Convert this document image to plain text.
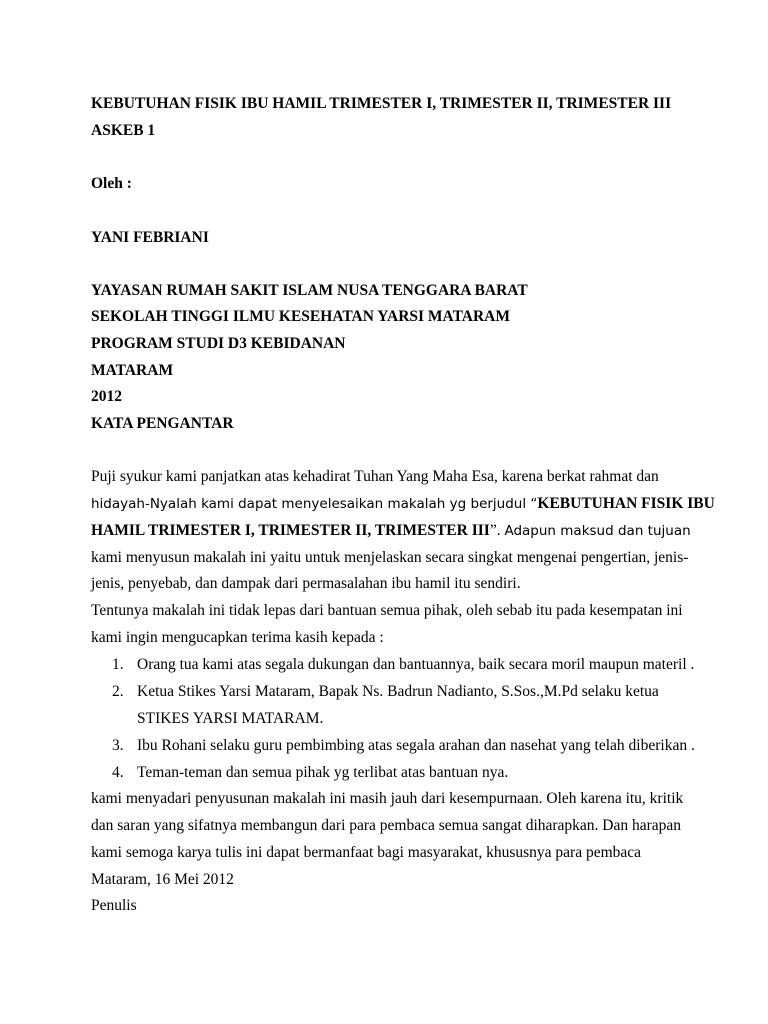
KEBUTUHAN FISIK IBU HAMIL TRIMESTER I, TRIMESTER II, TRIMESTER III
ASKEB 1
Oleh :
YANI FEBRIANI
YAYASAN RUMAH SAKIT ISLAM NUSA TENGGARA BARAT
SEKOLAH TINGGI ILMU KESEHATAN YARSI MATARAM
PROGRAM STUDI D3 KEBIDANAN
MATARAM
2012
KATA PENGANTAR
Puji syukur kami panjatkan atas kehadirat Tuhan Yang Maha Esa, karena berkat rahmat dan
hidayah-Nyalah kami dapat menyelesaikan makalah yg berjudul “KEBUTUHAN FISIK IBU
HAMIL TRIMESTER I, TRIMESTER II, TRIMESTER III”. Adapun maksud dan tujuan
kami menyusun makalah ini yaitu untuk menjelaskan secara singkat mengenai pengertian, jenis-
jenis, penyebab, dan dampak dari permasalahan ibu hamil itu sendiri.
Tentunya makalah ini tidak lepas dari bantuan semua pihak, oleh sebab itu pada kesempatan ini
kami ingin mengucapkan terima kasih kepada :
1. Orang tua kami atas segala dukungan dan bantuannya, baik secara moril maupun materil .
2. Ketua Stikes Yarsi Mataram, Bapak Ns. Badrun Nadianto, S.Sos.,M.Pd selaku ketua
STIKES YARSI MATARAM.
3. Ibu Rohani selaku guru pembimbing atas segala arahan dan nasehat yang telah diberikan .
4. Teman-teman dan semua pihak yg terlibat atas bantuan nya.
kami menyadari penyusunan makalah ini masih jauh dari kesempurnaan. Oleh karena itu, kritik
dan saran yang sifatnya membangun dari para pembaca semua sangat diharapkan. Dan harapan
kami semoga karya tulis ini dapat bermanfaat bagi masyarakat, khususnya para pembaca
Mataram, 16 Mei 2012
Penulis
